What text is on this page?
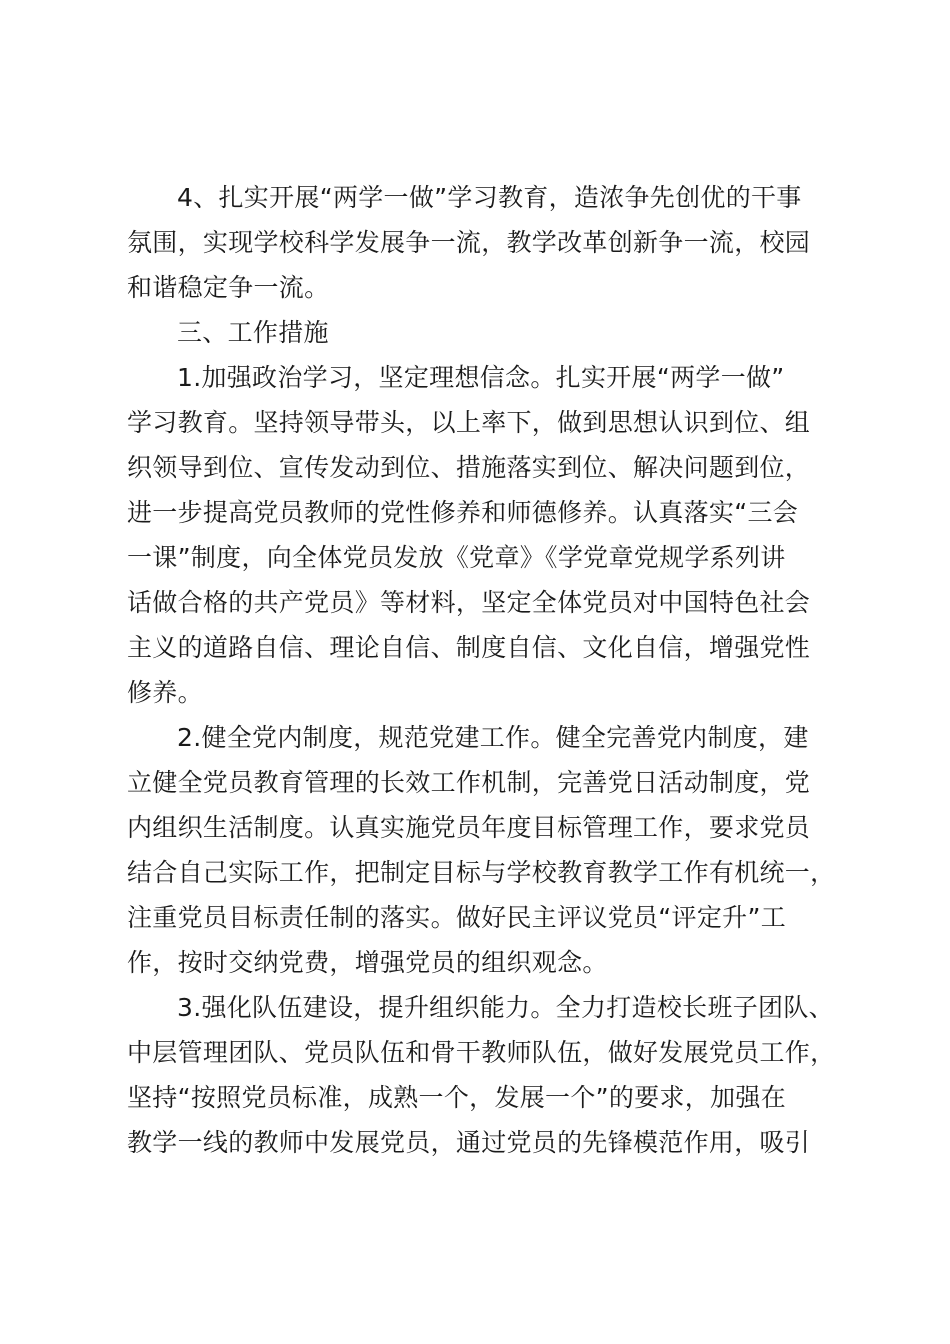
4、扎实开展“两学一做”学习教育，造浓争先创优的干事
氛围，实现学校科学发展争一流，教学改革创新争一流，校园
和谐稳定争一流。
三、工作措施
1.加强政治学习，坚定理想信念。扎实开展“两学一做”
学习教育。坚持领导带头，以上率下，做到思想认识到位、组
织领导到位、宣传发动到位、措施落实到位、解决问题到位，
进一步提高党员教师的党性修养和师德修养。认真落实“三会
一课”制度，向全体党员发放《党章》《学党章党规学系列讲
话做合格的共产党员》等材料，坚定全体党员对中国特色社会
主义的道路自信、理论自信、制度自信、文化自信，增强党性
修养。
2.健全党内制度，规范党建工作。健全完善党内制度，建
立健全党员教育管理的长效工作机制，完善党日活动制度，党
内组织生活制度。认真实施党员年度目标管理工作，要求党员
结合自己实际工作，把制定目标与学校教育教学工作有机统一，
注重党员目标责任制的落实。做好民主评议党员“评定升”工
作，按时交纳党费，增强党员的组织观念。
3.强化队伍建设，提升组织能力。全力打造校长班子团队、
中层管理团队、党员队伍和骨干教师队伍，做好发展党员工作，
坚持“按照党员标准，成熟一个，发展一个”的要求，加强在
教学一线的教师中发展党员，通过党员的先锋模范作用，吸引
